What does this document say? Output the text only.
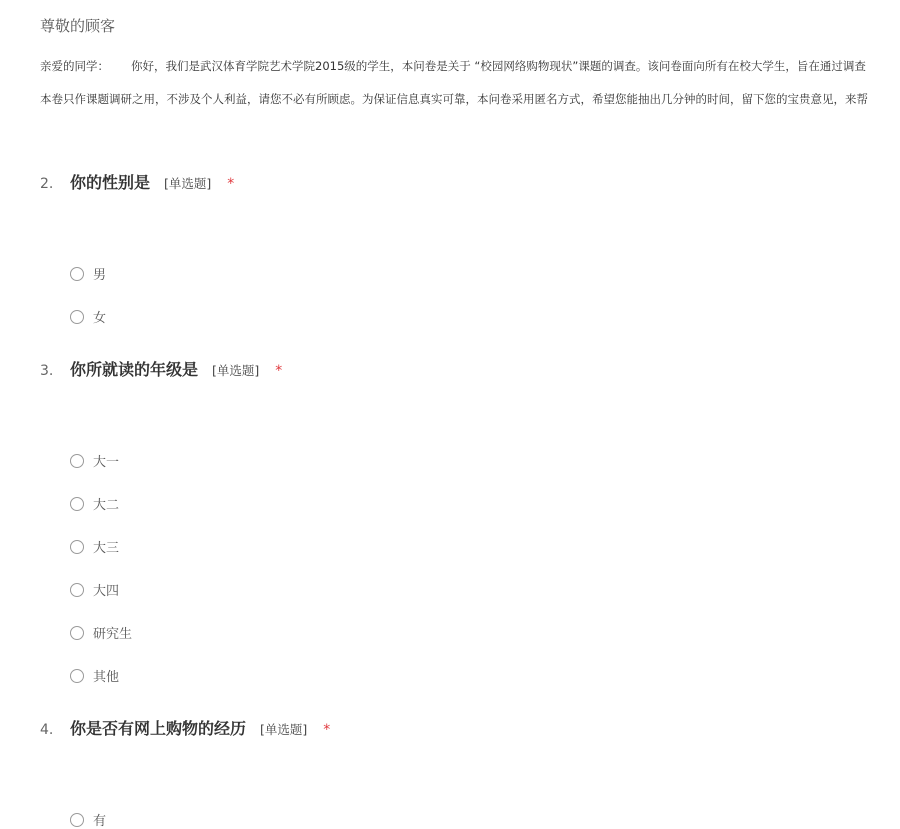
尊敬的顾客
亲爱的同学： 你好，我们是武汉体育学院艺术学院2015级的学生，本问卷是关于 “校园网络购物现状”课题的调查。该问卷面向所有在校大学生，旨在通过调查
本卷只作课题调研之用，不涉及个人利益，请您不必有所顾虑。为保证信息真实可靠，本问卷采用匿名方式，希望您能抽出几分钟的时间，留下您的宝贵意见，来帮
2.	你的性别是 [单选题] *
男
女
3.	你所就读的年级是 [单选题] *
大一
大二
大三
大四
研究生
其他
4.	你是否有网上购物的经历 [单选题] *
有
